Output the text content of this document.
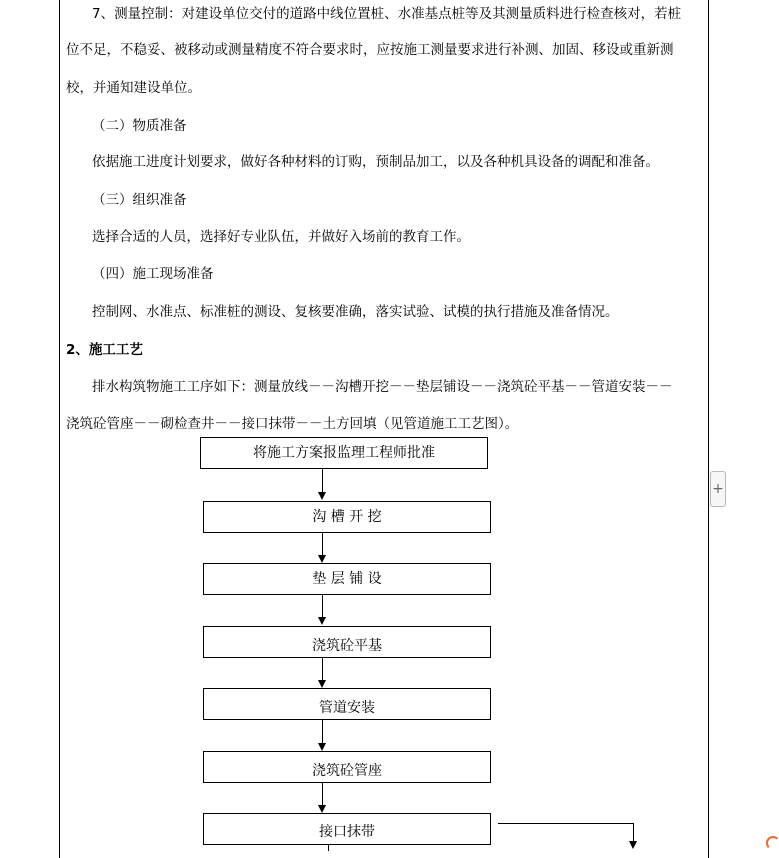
7、测量控制：对建设单位交付的道路中线位置桩、水准基点桩等及其测量质料进行检查核对，若桩
位不足，不稳妥、被移动或测量精度不符合要求时，应按施工测量要求进行补测、加固、移设或重新测
校，并通知建设单位。
（二）物质准备
依据施工进度计划要求，做好各种材料的订购，预制品加工，以及各种机具设备的调配和准备。
（三）组织准备
选择合适的人员，选择好专业队伍，并做好入场前的教育工作。
（四）施工现场准备
控制网、水准点、标准桩的测设、复核要准确，落实试验、试模的执行措施及准备情况。
2、施工工艺
排水构筑物施工工序如下：测量放线－－沟槽开挖－－垫层铺设－－浇筑砼平基－－管道安装－－
浇筑砼管座－－砌检查井－－接口抹带－－土方回填（见管道施工工艺图）。
将施工方案报监理工程师批准
沟 槽 开 挖
垫 层 铺 设
浇筑砼平基
管道安装
浇筑砼管座
接口抹带
+
